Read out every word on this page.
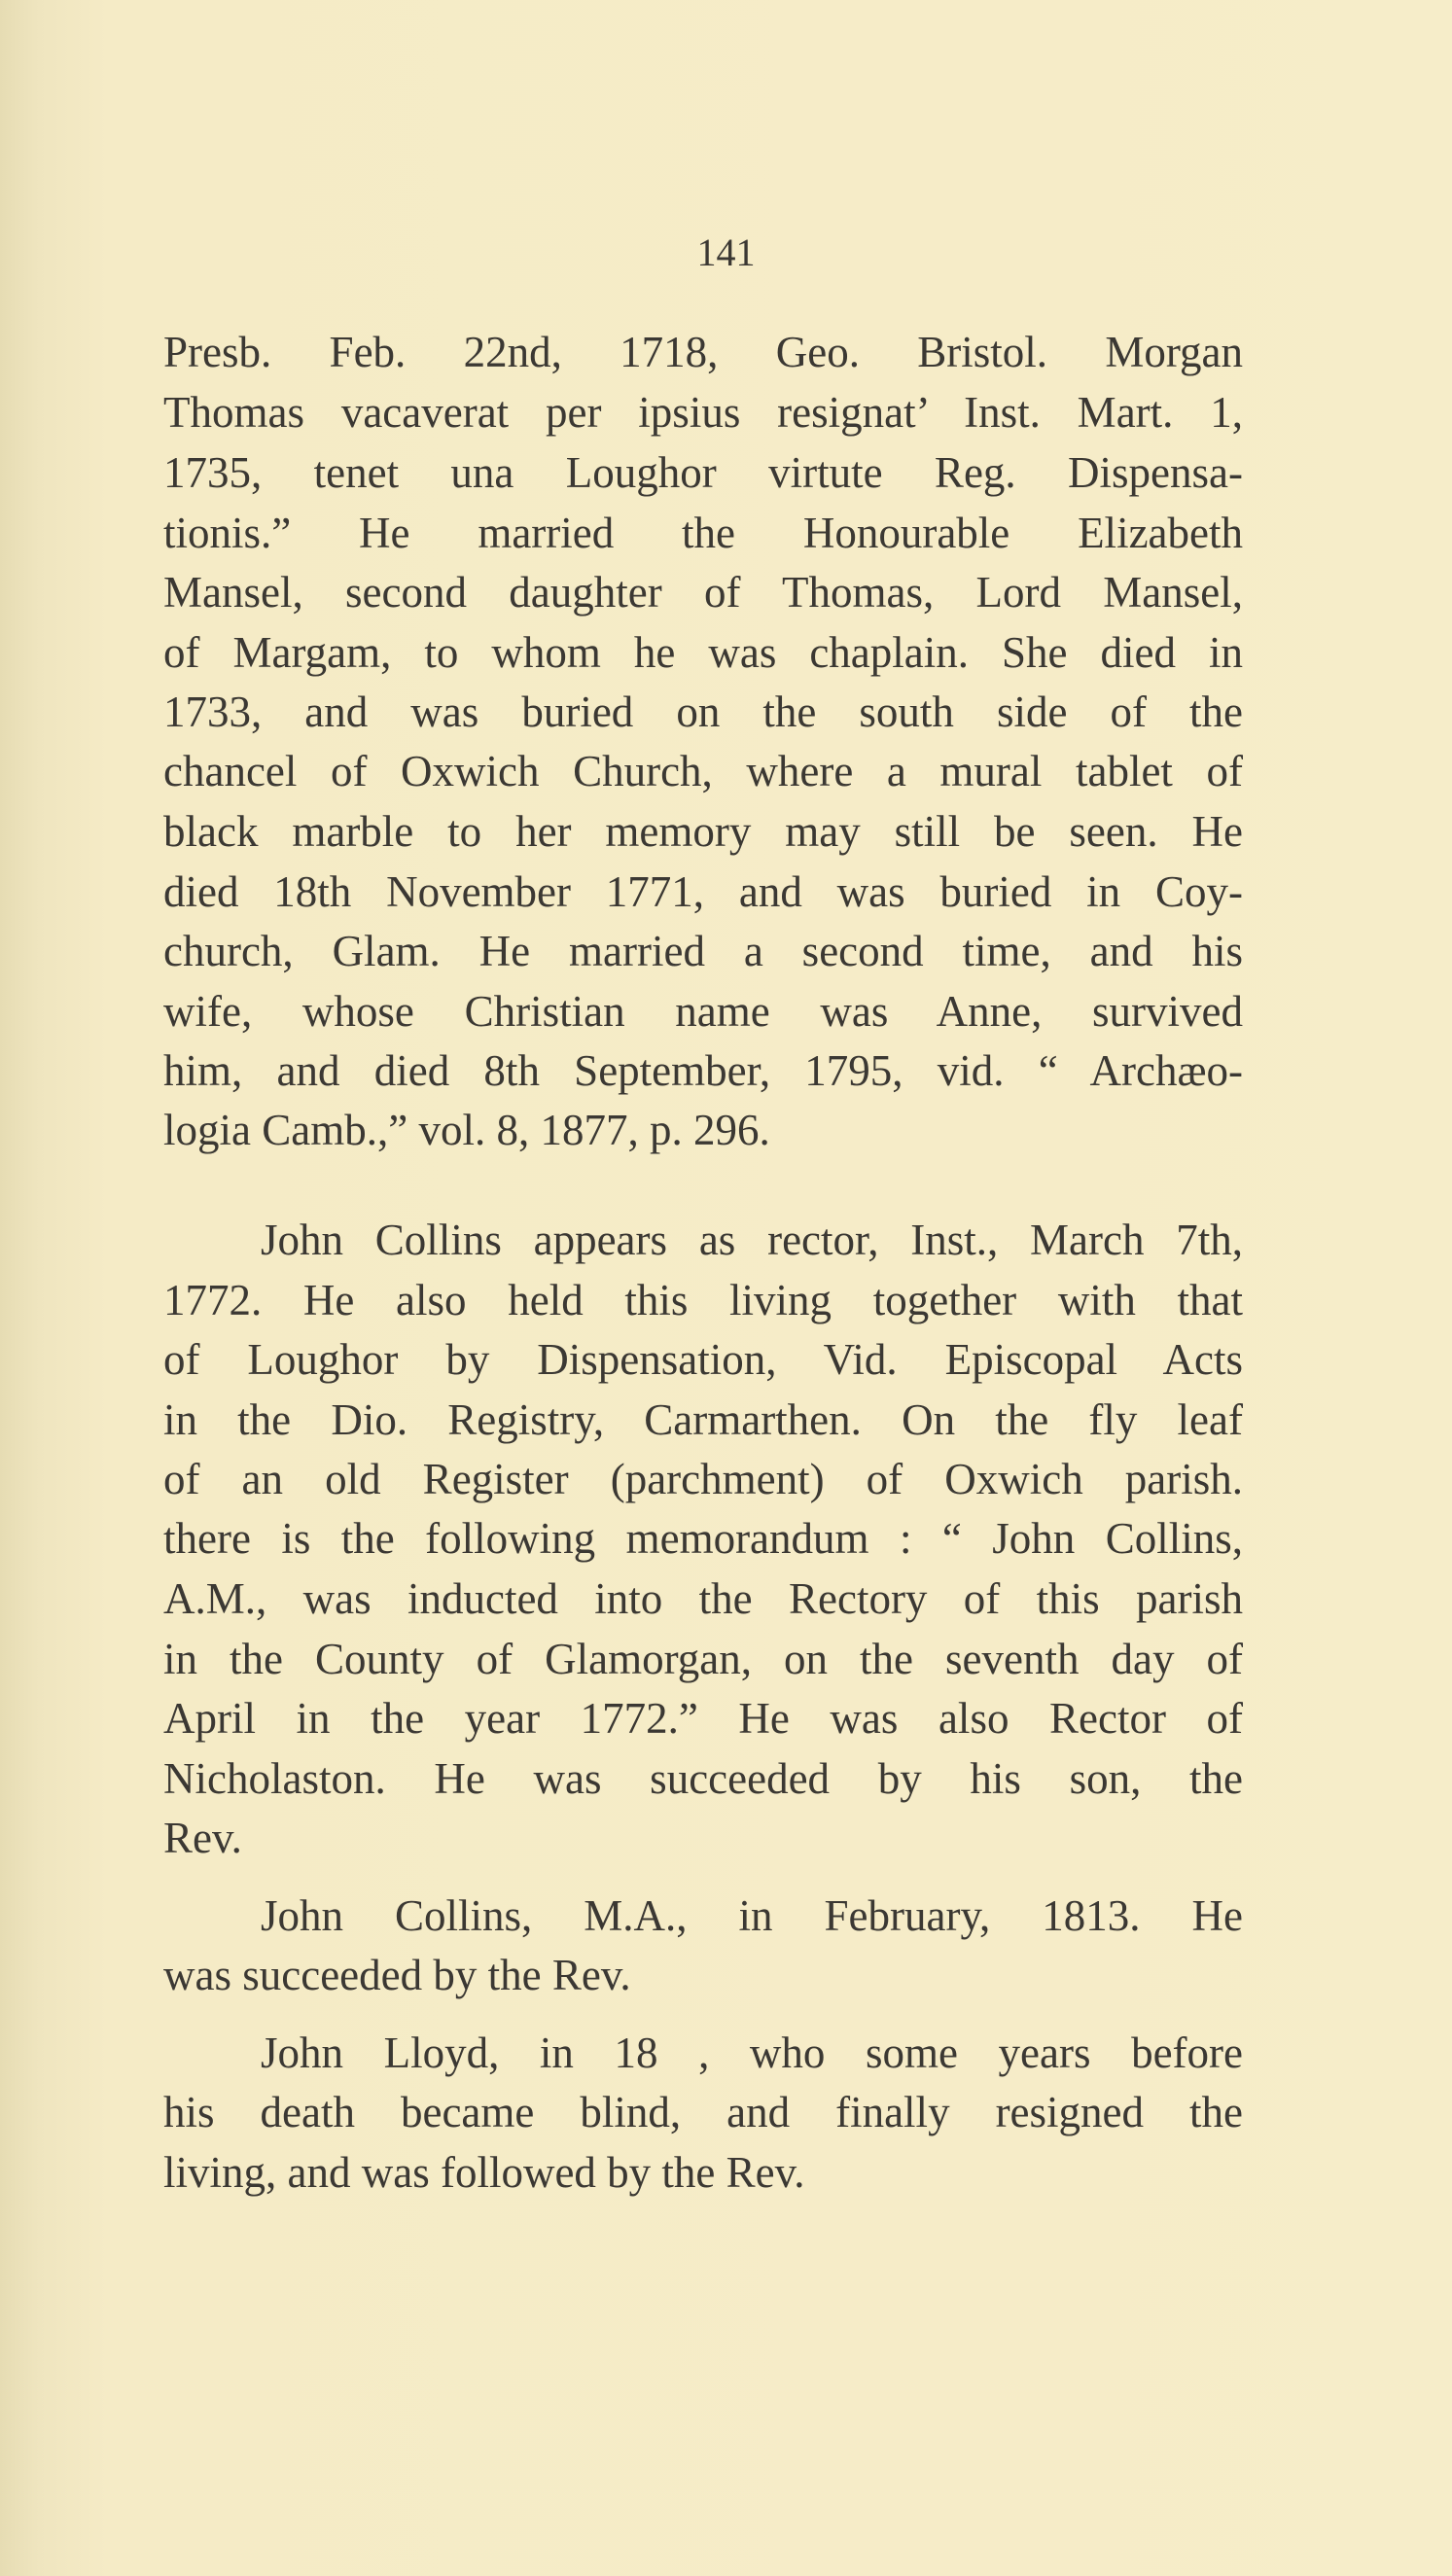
141
Presb. Feb. 22nd, 1718, Geo. Bristol. Morgan
Thomas vacaverat per ipsius resignat’ Inst. Mart. 1,
1735, tenet una Loughor virtute Reg. Dispensa-
tionis.” He married the Honourable Elizabeth
Mansel, second daughter of Thomas, Lord Mansel,
of Margam, to whom he was chaplain. She died in
1733, and was buried on the south side of the
chancel of Oxwich Church, where a mural tablet of
black marble to her memory may still be seen. He
died 18th November 1771, and was buried in Coy-
church, Glam. He married a second time, and his
wife, whose Christian name was Anne, survived
him, and died 8th September, 1795, vid. “ Archæo-
logia Camb.,” vol. 8, 1877, p. 296.
John Collins appears as rector, Inst., March 7th,
1772. He also held this living together with that
of Loughor by Dispensation, Vid. Episcopal Acts
in the Dio. Registry, Carmarthen. On the fly leaf
of an old Register (parchment) of Oxwich parish.
there is the following memorandum : “ John Collins,
A.M., was inducted into the Rectory of this parish
in the County of Glamorgan, on the seventh day of
April in the year 1772.” He was also Rector of
Nicholaston. He was succeeded by his son, the
Rev.
John Collins, M.A., in February, 1813. He
was succeeded by the Rev.
John Lloyd, in 18 , who some years before
his death became blind, and finally resigned the
living, and was followed by the Rev.
